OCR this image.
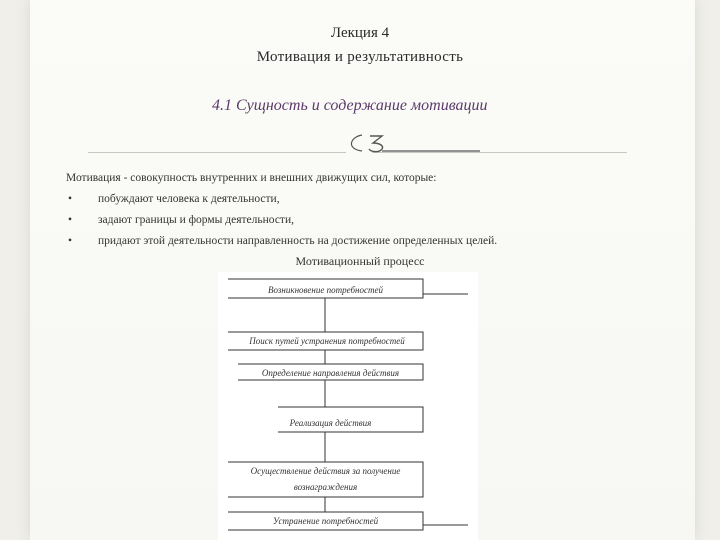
Лекция 4
Мотивация и результативность
4.1 Сущность и содержание мотивации
Мотивация - совокупность внутренних и внешних движущих сил, которые:
•	побуждают человека к деятельности,
•	задают границы и формы деятельности,
•	придают этой деятельности направленность на достижение определенных целей.
Мотивационный процесс
Возникновение потребностей
Поиск путей устранения потребностей
Определение направления действия
Реализация действия
Осуществление действия за получение
вознаграждения
Устранение потребностей
